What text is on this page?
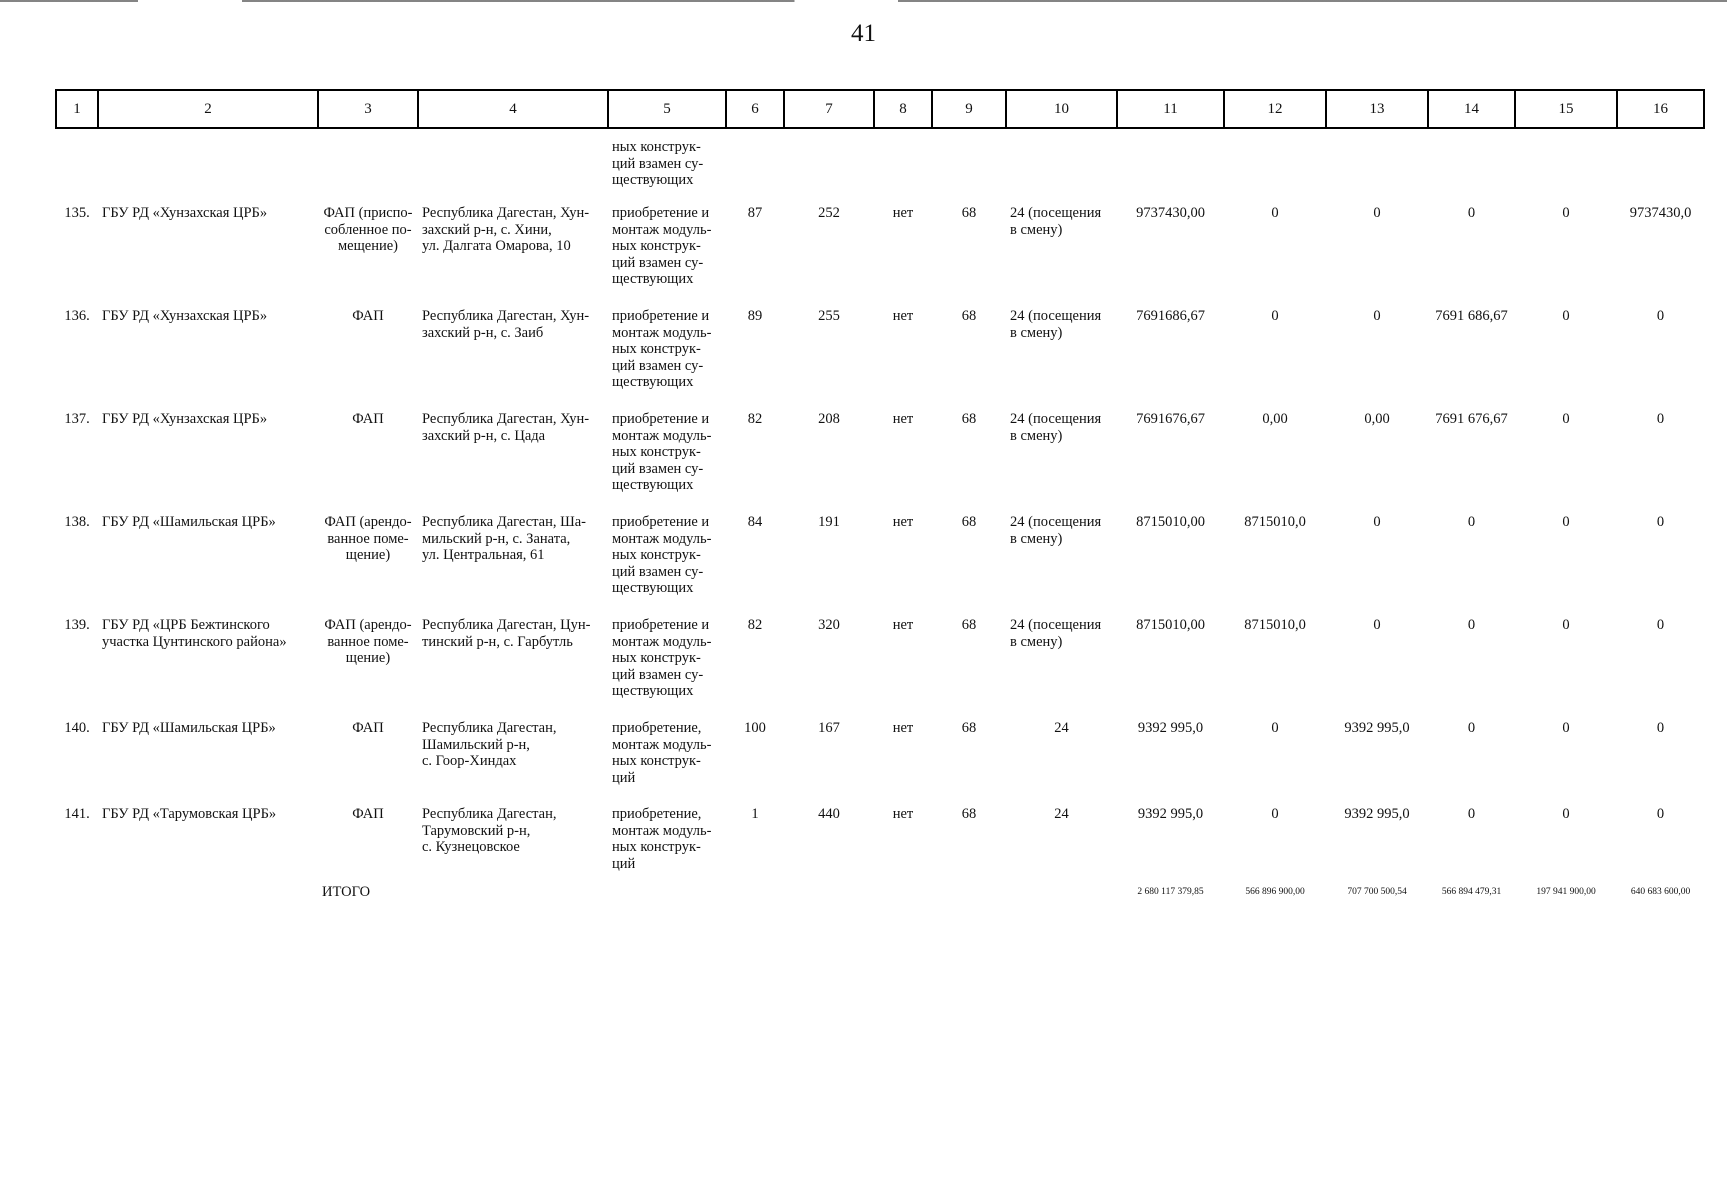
41
1	2	3	4	5	6	7	8	9	10	11	12	13	14	15	16
				ных конструк-
ций взамен су-
ществующих											
135.	ГБУ РД «Хунзахская ЦРБ»	ФАП (приспо-
собленное по-
мещение)	Республика Дагестан, Хун-
захский р-н, с. Хини,
ул. Далгата Омарова, 10	приобретение и
монтаж модуль-
ных конструк-
ций взамен су-
ществующих	87	252	нет	68	24 (посещения
в смену)	9737430,00	0	0	0	0	9737430,0
136.	ГБУ РД «Хунзахская ЦРБ»	ФАП	Республика Дагестан, Хун-
захский р-н, с. Заиб	приобретение и
монтаж модуль-
ных конструк-
ций взамен су-
ществующих	89	255	нет	68	24 (посещения
в смену)	7691686,67	0	0	7691 686,67	0	0
137.	ГБУ РД «Хунзахская ЦРБ»	ФАП	Республика Дагестан, Хун-
захский р-н, с. Цада	приобретение и
монтаж модуль-
ных конструк-
ций взамен су-
ществующих	82	208	нет	68	24 (посещения
в смену)	7691676,67	0,00	0,00	7691 676,67	0	0
138.	ГБУ РД «Шамильская ЦРБ»	ФАП (арендо-
ванное поме-
щение)	Республика Дагестан, Ша-
мильский р-н, с. Заната,
ул. Центральная, 61	приобретение и
монтаж модуль-
ных конструк-
ций взамен су-
ществующих	84	191	нет	68	24 (посещения
в смену)	8715010,00	8715010,0	0	0	0	0
139.	ГБУ РД «ЦРБ Бежтинского
участка Цунтинского района»	ФАП (арендо-
ванное поме-
щение)	Республика Дагестан, Цун-
тинский р-н, с. Гарбутль	приобретение и
монтаж модуль-
ных конструк-
ций взамен су-
ществующих	82	320	нет	68	24 (посещения
в смену)	8715010,00	8715010,0	0	0	0	0
140.	ГБУ РД «Шамильская ЦРБ»	ФАП	Республика Дагестан,
Шамильский р-н,
с. Гоор-Хиндах	приобретение,
монтаж модуль-
ных конструк-
ций	100	167	нет	68	24	9392 995,0	0	9392 995,0	0	0	0
141.	ГБУ РД «Тарумовская ЦРБ»	ФАП	Республика Дагестан,
Тарумовский р-н,
с. Кузнецовское	приобретение,
монтаж модуль-
ных конструк-
ций	1	440	нет	68	24	9392 995,0	0	9392 995,0	0	0	0
		ИТОГО								2 680 117 379,85	566 896 900,00	707 700 500,54	566 894 479,31	197 941 900,00	640 683 600,00
